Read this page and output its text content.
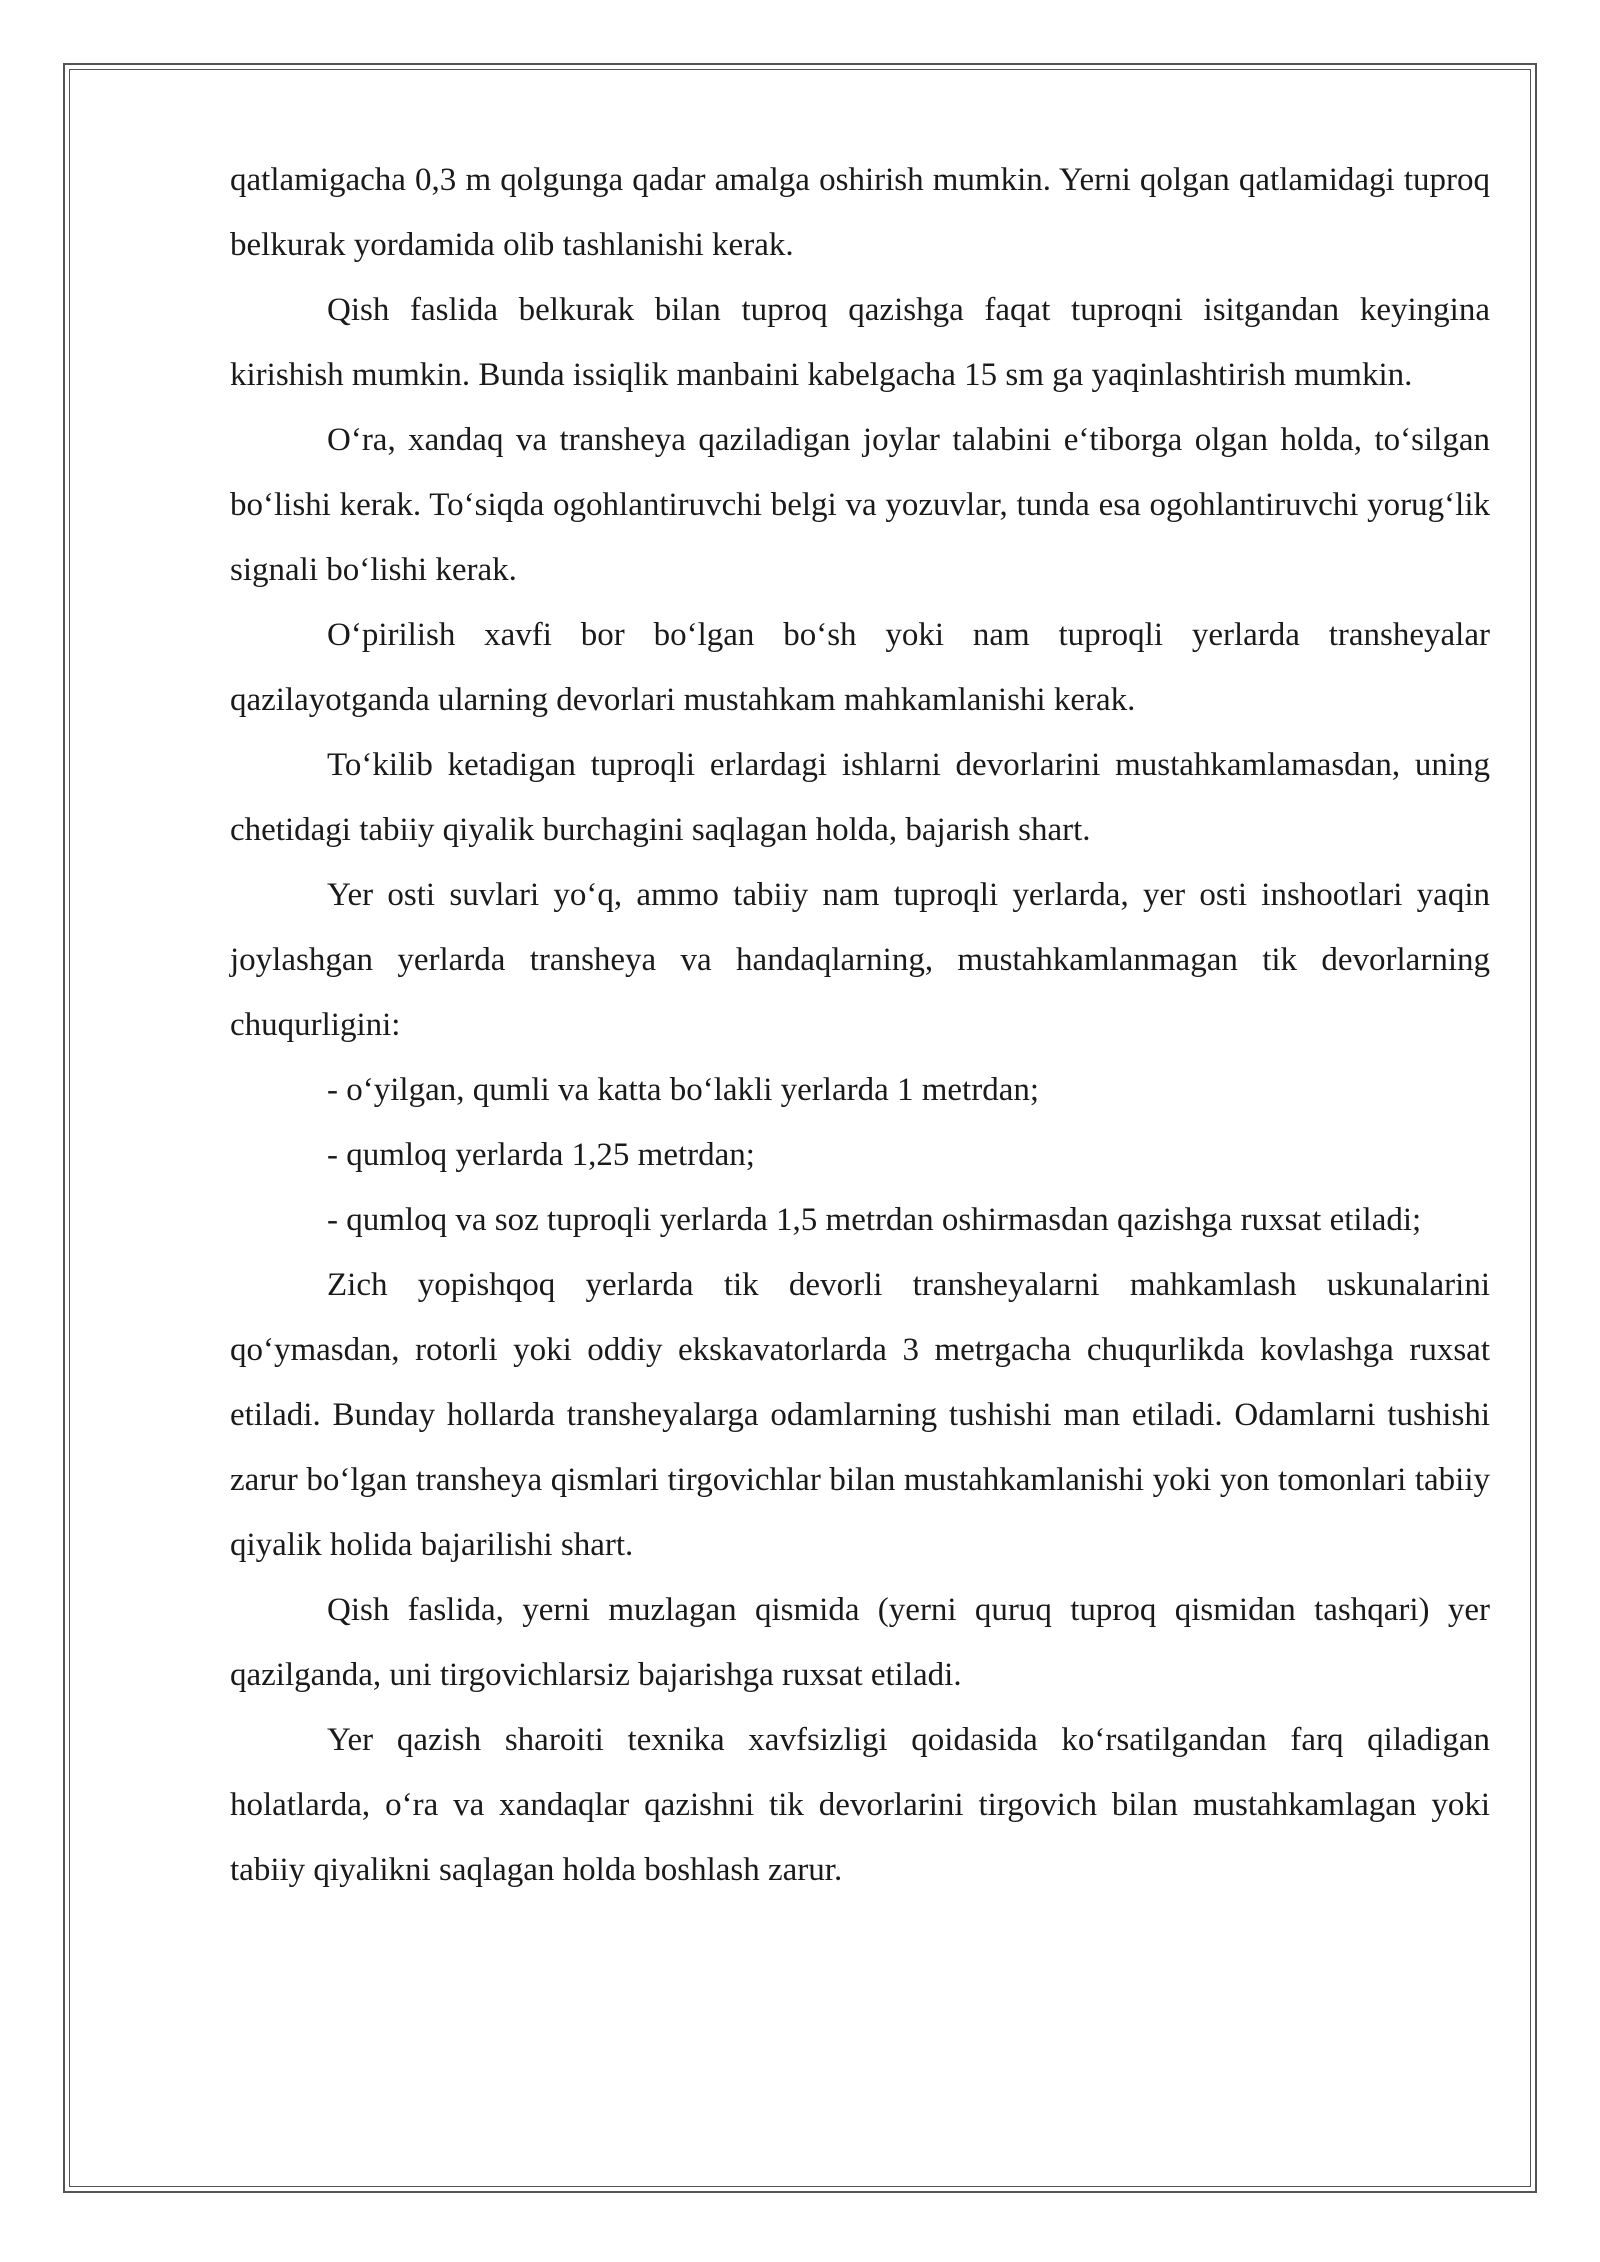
qatlamigacha 0,3 m qolgunga qadar amalga oshirish mumkin. Yerni qolgan qatlamidagi tuproq belkurak yordamida olib tashlanishi kerak.

Qish faslida belkurak bilan tuproq qazishga faqat tuproqni isitgandan keyingina kirishish mumkin. Bunda issiqlik manbaini kabelgacha 15 sm ga yaqinlashtirish mumkin.

O‘ra, xandaq va transheya qaziladigan joylar talabini e‘tiborga olgan holda, to‘silgan bo‘lishi kerak. To‘siqda ogohlantiruvchi belgi va yozuvlar, tunda esa ogohlantiruvchi yorug‘lik signali bo‘lishi kerak.

O‘pirilish xavfi bor bo‘lgan bo‘sh yoki nam tuproqli yerlarda transheyalar qazilayotganda ularning devorlari mustahkam mahkamlanishi kerak.

To‘kilib ketadigan tuproqli erlardagi ishlarni devorlarini mustahkamlamasdan, uning chetidagi tabiiy qiyalik burchagini saqlagan holda, bajarish shart.

Yer osti suvlari yo‘q, ammo tabiiy nam tuproqli yerlarda, yer osti inshootlari yaqin joylashgan yerlarda transheya va handaqlarning, mustahkamlanmagan tik devorlarning chuqurligini:

- o‘yilgan, qumli va katta bo‘lakli yerlarda 1 metrdan;

- qumloq yerlarda 1,25 metrdan;

- qumloq va soz tuproqli yerlarda 1,5 metrdan oshirmasdan qazishga ruxsat etiladi;

Zich yopishqoq yerlarda tik devorli transheyalarni mahkamlash uskunalarini qo‘ymasdan, rotorli yoki oddiy ekskavatorlarda 3 metrgacha chuqurlikda kovlashga ruxsat etiladi. Bunday hollarda transheyalarga odamlarning tushishi man etiladi. Odamlarni tushishi zarur bo‘lgan transheya qismlari tirgovichlar bilan mustahkamlanishi yoki yon tomonlari tabiiy qiyalik holida bajarilishi shart.

Qish faslida, yerni muzlagan qismida (yerni quruq tuproq qismidan tashqari) yer qazilganda, uni tirgovichlarsiz bajarishga ruxsat etiladi.

Yer qazish sharoiti texnika xavfsizligi qoidasida ko‘rsatilgandan farq qiladigan holatlarda, o‘ra va xandaqlar qazishni tik devorlarini tirgovich bilan mustahkamlagan yoki tabiiy qiyalikni saqlagan holda boshlash zarur.
